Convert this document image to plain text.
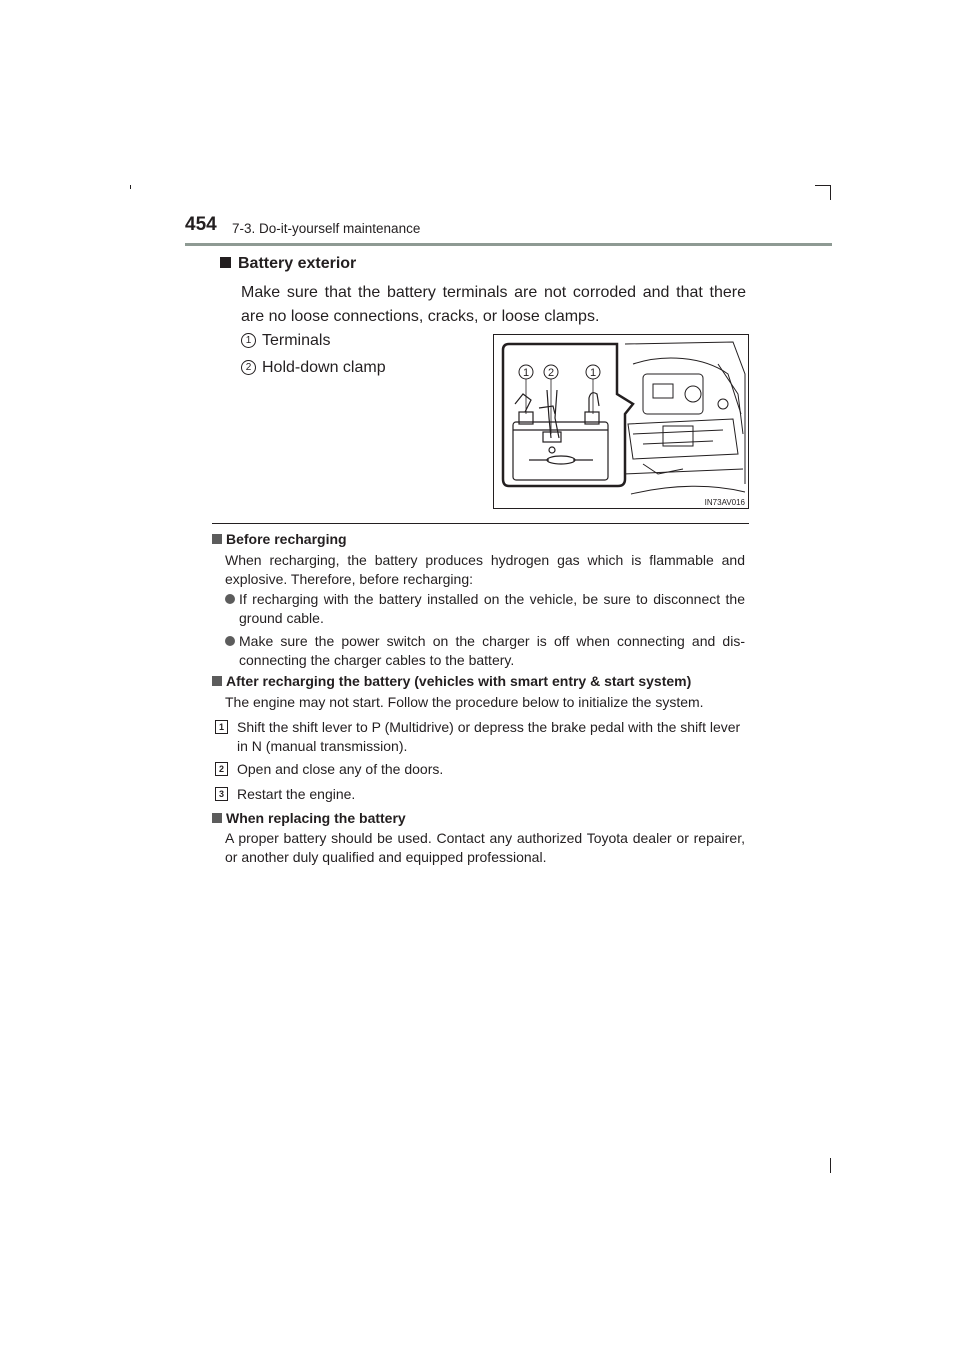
454 7-3. Do-it-yourself maintenance
Battery exterior
Make sure that the battery terminals are not corroded and that there are no loose connections, cracks, or loose clamps.
1 Terminals
2 Hold-down clamp	1 2	1
IN73AV016
Before recharging
When recharging, the battery produces hydrogen gas which is flammable and explosive. Therefore, before recharging:
If recharging with the battery installed on the vehicle, be sure to disconnect the ground cable.
Make sure the power switch on the charger is off when connecting and dis-connecting the charger cables to the battery.
After recharging the battery (vehicles with smart entry & start system)
The engine may not start. Follow the procedure below to initialize the system.
1 Shift the shift lever to P (Multidrive) or depress the brake pedal with the shift lever in N (manual transmission).
2 Open and close any of the doors.
3 Restart the engine.
When replacing the battery
A proper battery should be used. Contact any authorized Toyota dealer or repairer, or another duly qualified and equipped professional.
